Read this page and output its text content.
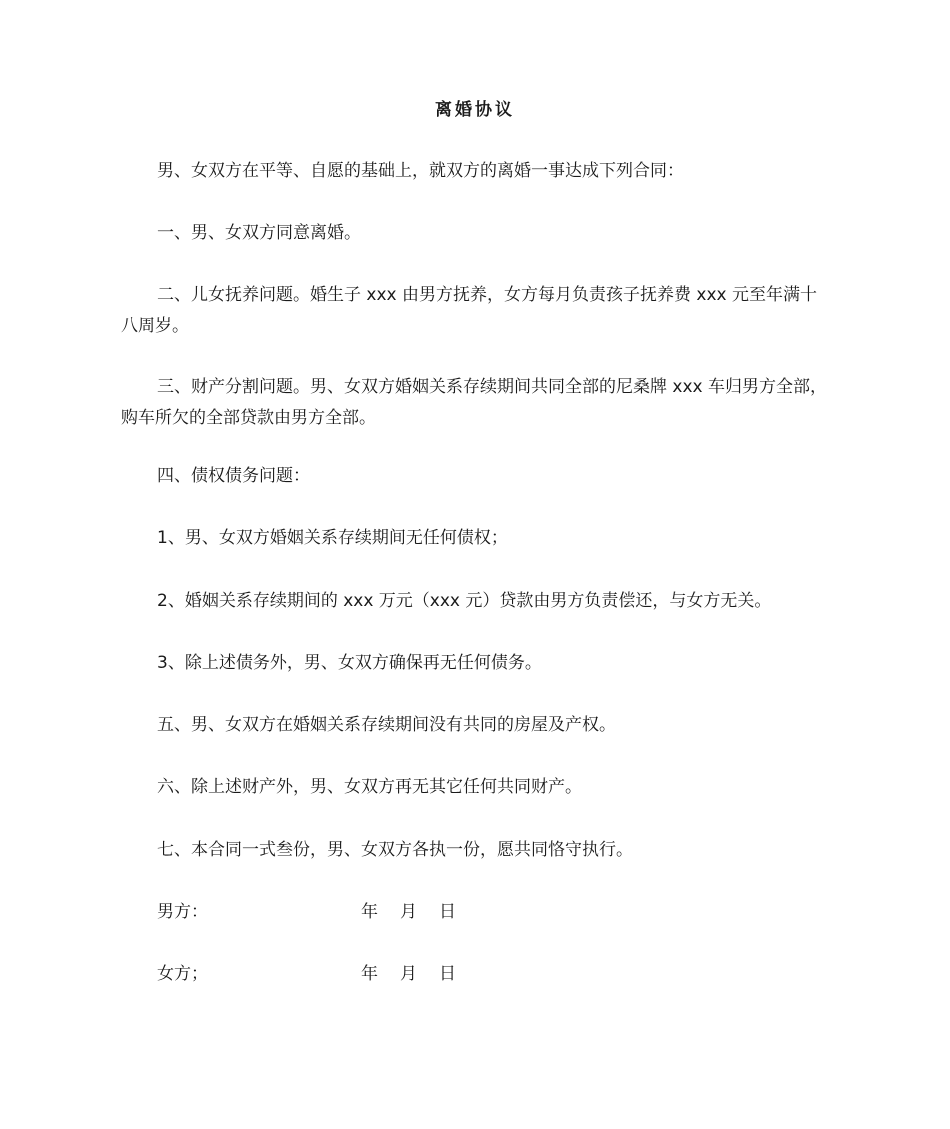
离婚协议

男、女双方在平等、自愿的基础上，就双方的离婚一事达成下列合同：

一、男、女双方同意离婚。

二、儿女抚养问题。婚生子 xxx 由男方抚养，女方每月负责孩子抚养费 xxx 元至年满十八周岁。

三、财产分割问题。男、女双方婚姻关系存续期间共同全部的尼桑牌 xxx 车归男方全部，购车所欠的全部贷款由男方全部。

四、债权债务问题：

1、男、女双方婚姻关系存续期间无任何债权；

2、婚姻关系存续期间的 xxx 万元（xxx 元）贷款由男方负责偿还，与女方无关。

3、除上述债务外，男、女双方确保再无任何债务。

五、男、女双方在婚姻关系存续期间没有共同的房屋及产权。

六、除上述财产外，男、女双方再无其它任何共同财产。

七、本合同一式叁份，男、女双方各执一份，愿共同恪守执行。

男方：	年 月 日
女方；	年 月 日
